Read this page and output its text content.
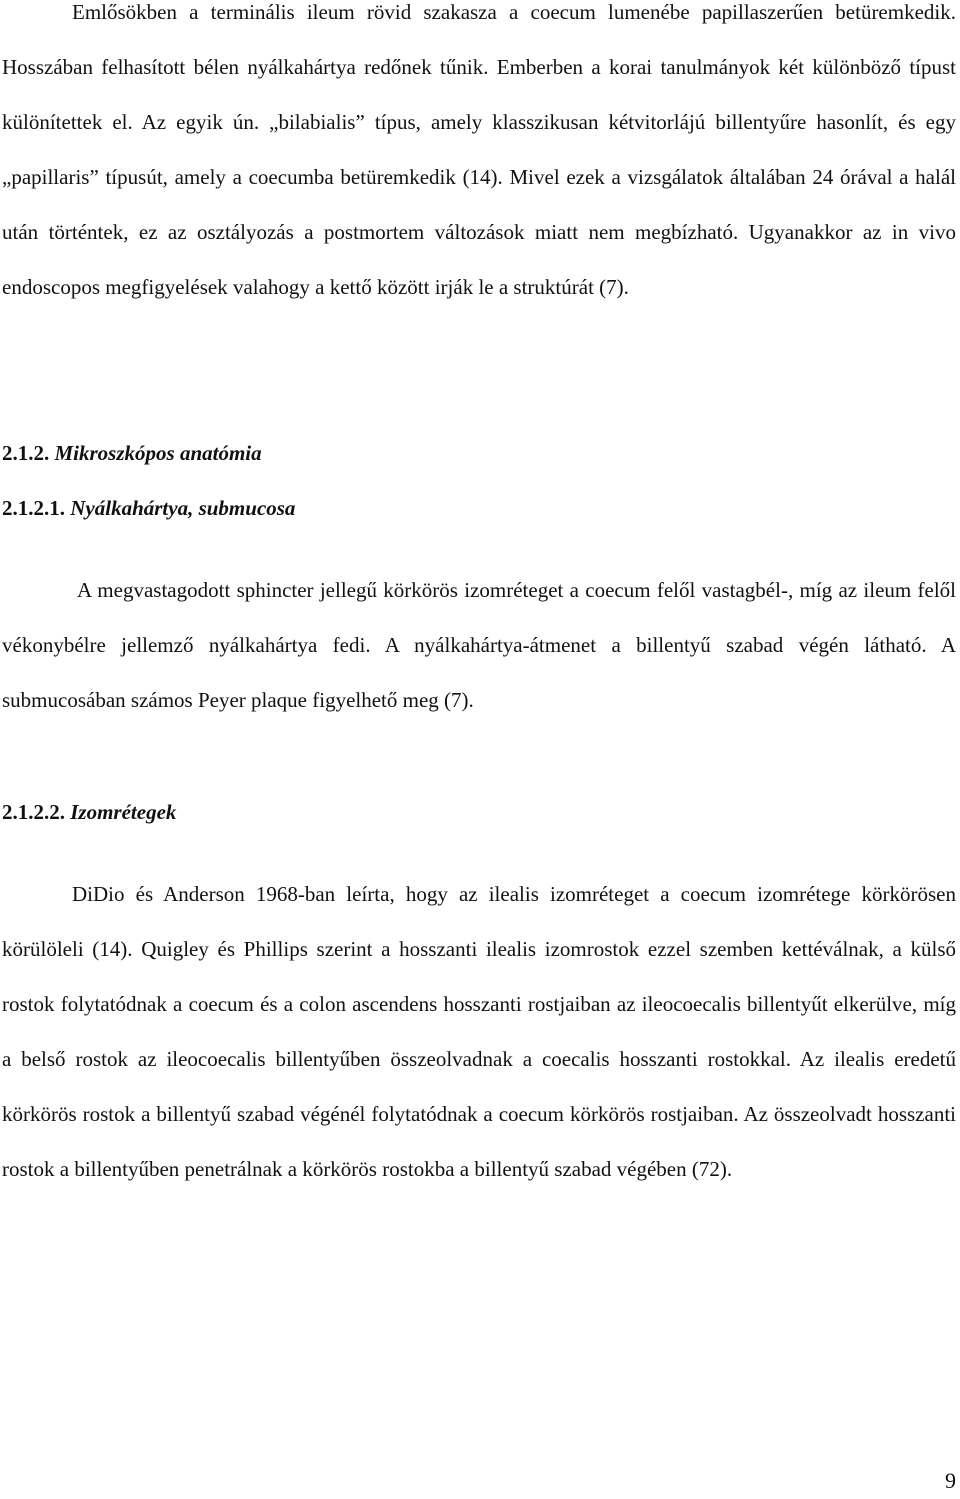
Emlősökben a terminális ileum rövid szakasza a coecum lumenébe papillaszerűen betüremkedik. Hosszában felhasított bélen nyálkahártya redőnek tűnik. Emberben a korai tanulmányok két különböző típust különítettek el. Az egyik ún. „bilabialis” típus, amely klasszikusan kétvitorlájú billentyűre hasonlít, és egy „papillaris” típusút, amely a coecumba betüremkedik (14). Mivel ezek a vizsgálatok általában 24 órával a halál után történtek, ez az osztályozás a postmortem változások miatt nem megbízható. Ugyanakkor az in vivo endoscopos megfigyelések valahogy a kettő között irják le a struktúrát (7).

2.1.2. Mikroszkópos anatómia
2.1.2.1. Nyálkahártya, submucosa

A megvastagodott sphincter jellegű körkörös izomréteget a coecum felől vastagbél-, míg az ileum felől vékonybélre jellemző nyálkahártya fedi. A nyálkahártya-átmenet a billentyű szabad végén látható. A submucosában számos Peyer plaque figyelhető meg (7).

2.1.2.2. Izomrétegek

DiDio és Anderson 1968-ban leírta, hogy az ilealis izomréteget a coecum izomrétege körkörösen körülöleli (14). Quigley és Phillips szerint a hosszanti ilealis izomrostok ezzel szemben kettéválnak, a külső rostok folytatódnak a coecum és a colon ascendens hosszanti rostjaiban az ileocoecalis billentyűt elkerülve, míg a belső rostok az ileocoecalis billentyűben összeolvadnak a coecalis hosszanti rostokkal. Az ilealis eredetű körkörös rostok a billentyű szabad végénél folytatódnak a coecum körkörös rostjaiban. Az összeolvadt hosszanti rostok a billentyűben penetrálnak a körkörös rostokba a billentyű szabad végében (72).

9
